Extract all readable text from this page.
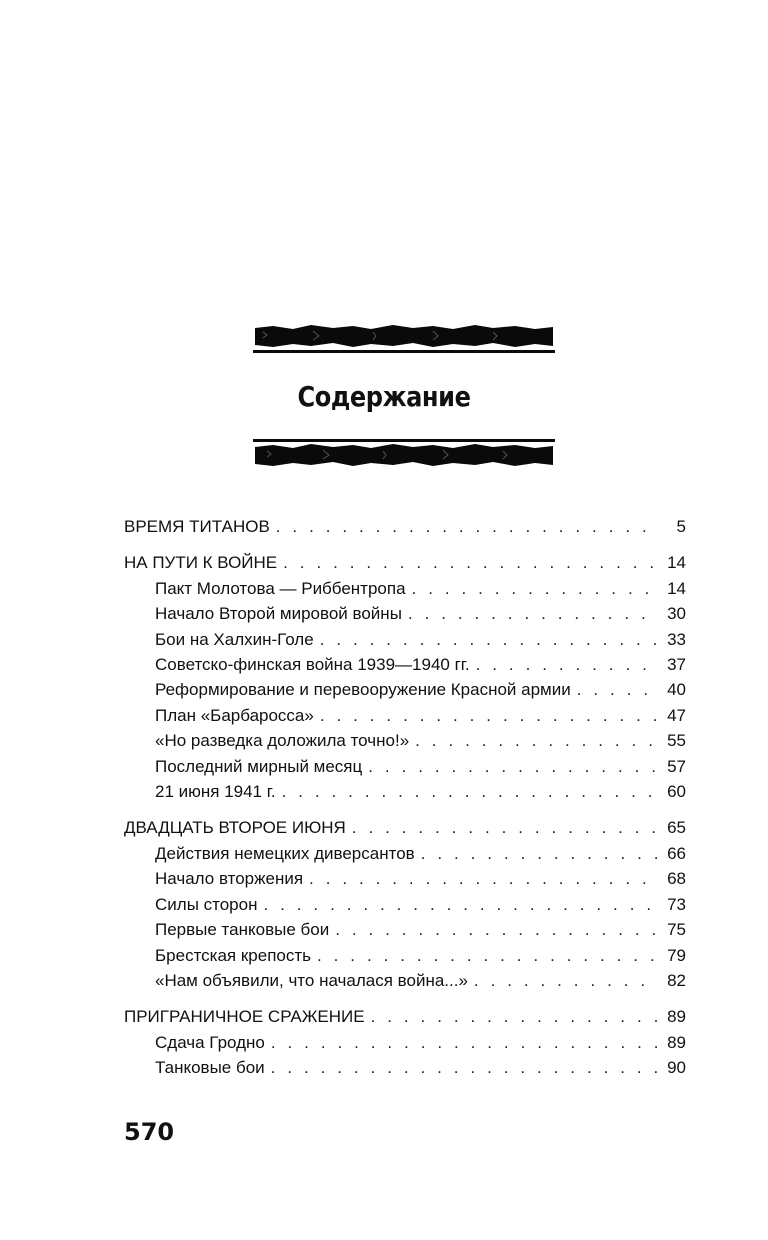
Содержание
ВРЕМЯ ТИТАНОВ . . .	5
НА ПУТИ К ВОЙНЕ . . .	14
Пакт Молотова — Риббентропа . . .	14
Начало Второй мировой войны . . .	30
Бои на Халхин-Голе . . .	33
Советско-финская война 1939—1940 гг. . . .	37
Реформирование и перевооружение Красной армии . . .	40
План «Барбаросса» . . .	47
«Но разведка доложила точно!» . . .	55
Последний мирный месяц . . .	57
21 июня 1941 г. . . .	60
ДВАДЦАТЬ ВТОРОЕ ИЮНЯ . . .	65
Действия немецких диверсантов . . .	66
Начало вторжения . . .	68
Силы сторон . . .	73
Первые танковые бои . . .	75
Брестская крепость . . .	79
«Нам объявили, что началася война...» . . .	82
ПРИГРАНИЧНОЕ СРАЖЕНИЕ . . .	89
Сдача Гродно . . .	89
Танковые бои . . .	90
570
